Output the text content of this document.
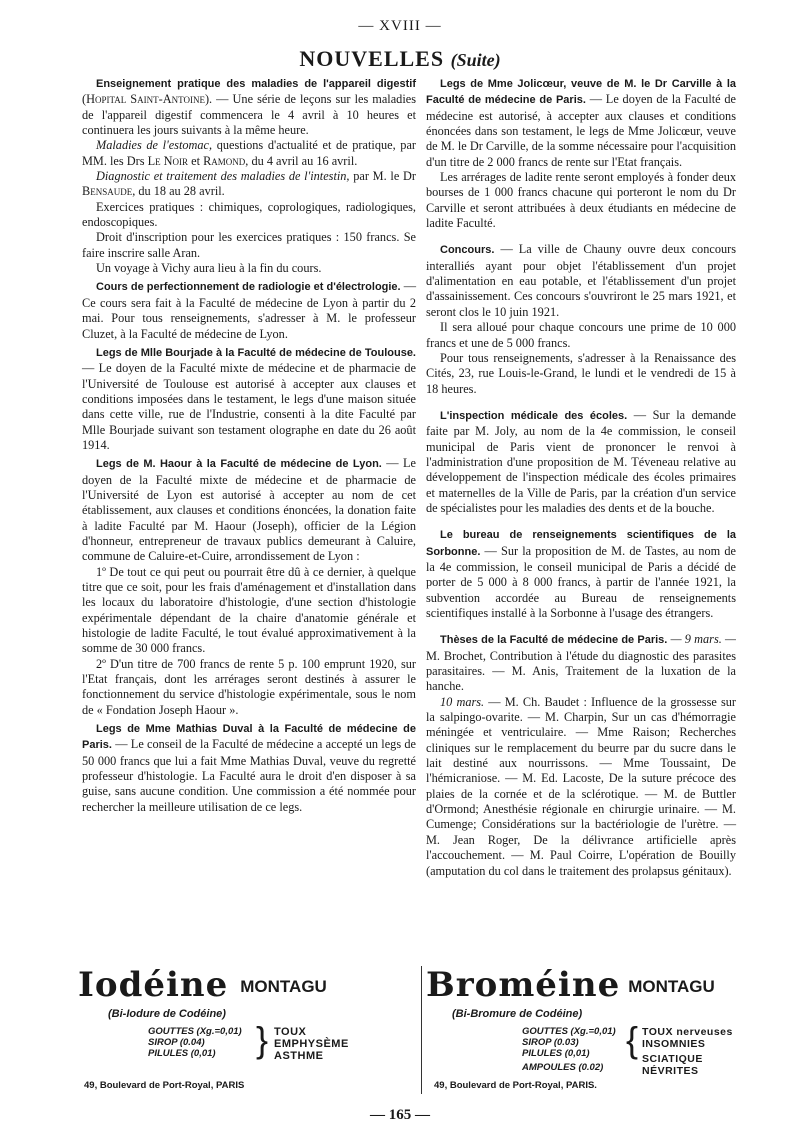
— XVIII —
NOUVELLES (Suite)

Enseignement pratique des maladies de l'appareil digestif (Hopital Saint-Antoine). — Une série de leçons sur les maladies de l'appareil digestif commencera le 4 avril à 10 heures et continuera les jours suivants à la même heure.

Maladies de l'estomac, questions d'actualité et de pratique, par MM. les Drs Le Noir et Ramond, du 4 avril au 16 avril.

Diagnostic et traitement des maladies de l'intestin, par M. le Dr Bensaude, du 18 au 28 avril.

Exercices pratiques : chimiques, coprologiques, radiologiques, endoscopiques.

Droit d'inscription pour les exercices pratiques : 150 francs. Se faire inscrire salle Aran.

Un voyage à Vichy aura lieu à la fin du cours.

Cours de perfectionnement de radiologie et d'électrologie. — Ce cours sera fait à la Faculté de médecine de Lyon à partir du 2 mai. Pour tous renseignements, s'adresser à M. le professeur Cluzet, à la Faculté de médecine de Lyon.

Legs de Mlle Bourjade à la Faculté de médecine de Toulouse. — Le doyen de la Faculté mixte de médecine et de pharmacie de l'Université de Toulouse est autorisé à accepter aux clauses et conditions imposées dans le testament, le legs d'une maison située dans cette ville, rue de l'Industrie, consenti à la dite Faculté par Mlle Bourjade suivant son testament olographe en date du 26 août 1914.

Legs de M. Haour à la Faculté de médecine de Lyon. — Le doyen de la Faculté mixte de médecine et de pharmacie de l'Université de Lyon est autorisé à accepter au nom de cet établissement, aux clauses et conditions énoncées, la donation faite à ladite Faculté par M. Haour (Joseph), officier de la Légion d'honneur, entrepreneur de travaux publics demeurant à Caluire, commune de Caluire-et-Cuire, arrondissement de Lyon :

1º De tout ce qui peut ou pourrait être dû à ce dernier, à quelque titre que ce soit, pour les frais d'aménagement et d'installation dans les locaux du laboratoire d'histologie, d'une section d'histologie expérimentale dépendant de la chaire d'anatomie générale et histologie de ladite Faculté, le tout évalué approximativement à la somme de 30 000 francs.

2º D'un titre de 700 francs de rente 5 p. 100 emprunt 1920, sur l'Etat français, dont les arrérages seront destinés à assurer le fonctionnement du service d'histologie expérimentale, sous le nom de « Fondation Joseph Haour ».

Legs de Mme Mathias Duval à la Faculté de médecine de Paris. — Le conseil de la Faculté de médecine a accepté un legs de 50 000 francs que lui a fait Mme Mathias Duval, veuve du regretté professeur d'histologie. La Faculté aura le droit d'en disposer à sa guise, sans aucune condition. Une commission a été nommée pour rechercher la meilleure utilisation de ce legs.

Legs de Mme Jolicœur, veuve de M. le Dr Carville à la Faculté de médecine de Paris. — Le doyen de la Faculté de médecine est autorisé, à accepter aux clauses et conditions énoncées dans son testament, le legs de Mme Jolicœur, veuve de M. le Dr Carville, de la somme nécessaire pour l'acquisition d'un titre de 2 000 francs de rente sur l'Etat français.

Les arrérages de ladite rente seront employés à fonder deux bourses de 1 000 francs chacune qui porteront le nom du Dr Carville et seront attribuées à deux étudiants en médecine de ladite Faculté.

Concours. — La ville de Chauny ouvre deux concours interalliés ayant pour objet l'établissement d'un projet d'alimentation en eau potable, et l'établissement d'un projet d'assainissement. Ces concours s'ouvriront le 25 mars 1921, et seront clos le 10 juin 1921.

Il sera alloué pour chaque concours une prime de 10 000 francs et une de 5 000 francs.

Pour tous renseignements, s'adresser à la Renaissance des Cités, 23, rue Louis-le-Grand, le lundi et le vendredi de 15 à 18 heures.

L'inspection médicale des écoles. — Sur la demande faite par M. Joly, au nom de la 4e commission, le conseil municipal de Paris vient de prononcer le renvoi à l'administration d'une proposition de M. Téveneau relative au développement de l'inspection médicale des écoles primaires et maternelles de la Ville de Paris, par la création d'un service de spécialistes pour les maladies des dents et de la bouche.

Le bureau de renseignements scientifiques de la Sorbonne. — Sur la proposition de M. de Tastes, au nom de la 4e commission, le conseil municipal de Paris a décidé de porter de 5 000 à 8 000 francs, à partir de l'année 1921, la subvention accordée au Bureau de renseignements scientifiques installé à la Sorbonne à l'usage des étrangers.

Thèses de la Faculté de médecine de Paris. — 9 mars. — M. Brochet, Contribution à l'étude du diagnostic des parasites parasitaires. — M. Anis, Traitement de la luxation de la hanche.

10 mars. — M. Ch. Baudet : Influence de la grossesse sur la salpingo-ovarite. — M. Charpin, Sur un cas d'hémorragie méningée et ventriculaire. — Mme Raison; Recherches cliniques sur le remplacement du beurre par du sucre dans le lait destiné aux nourrissons. — Mme Toussaint, De l'hémicraniose. — M. Ed. Lacoste, De la suture précoce des plaies de la cornée et de la sclérotique. — M. de Buttler d'Ormond; Anesthésie régionale en chirurgie urinaire. — M. Cumenge; Considérations sur la bactériologie de l'urètre. — M. Jean Roger, De la délivrance artificielle après l'accouchement. — M. Paul Coirre, L'opération de Bouilly (amputation du col dans le traitement des prolapsus génitaux).

Iodéine MONTAGU
(Bi-Iodure de Codéine)
GOUTTES (Xg.=0,01)
SIROP (0.04)
PILULES (0,01)	} TOUX
EMPHYSÈME
ASTHME
49, Boulevard de Port-Royal, PARIS
Broméine MONTAGU
(Bi-Bromure de Codéine)
GOUTTES (Xg.=0,01)
SIROP (0.03)
PILULES (0,01)
AMPOULES (0.02)
{ TOUX nerveuses
INSOMNIES
SCIATIQUE
NÉVRITES
49, Boulevard de Port-Royal, PARIS.
— 165 —
